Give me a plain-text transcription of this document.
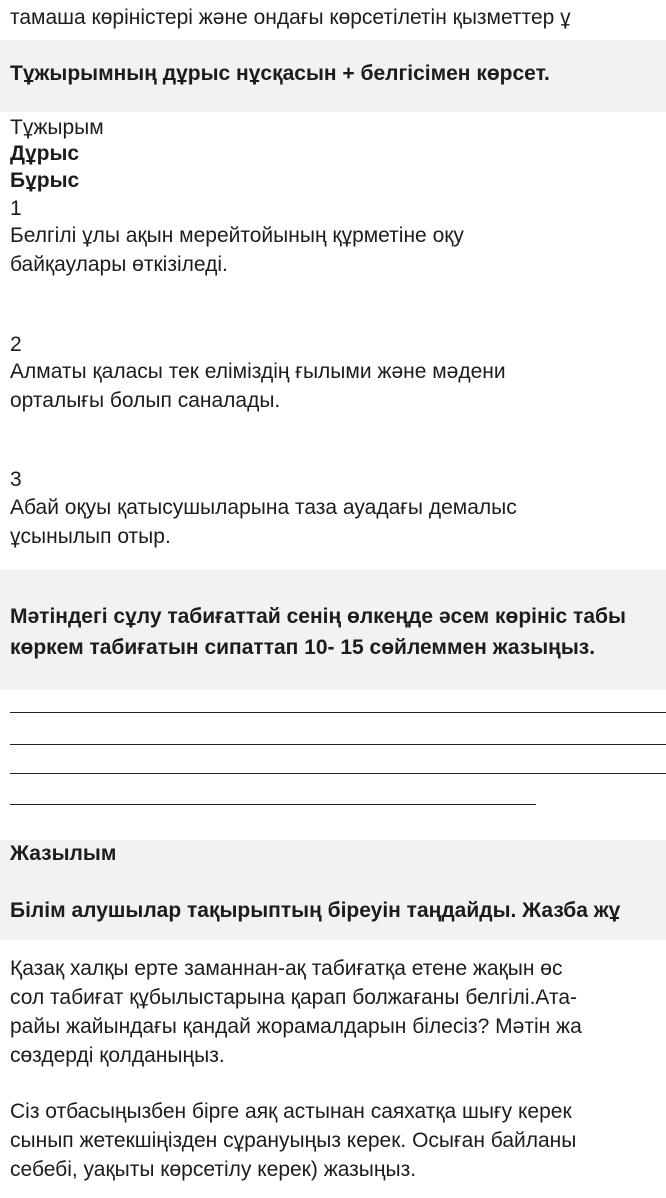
тамаша көріністері және ондағы көрсетілетін қызметтер ұ
Тұжырымның дұрыс нұсқасын + белгісімен көрсет.
Тұжырым
Дұрыс
Бұрыс
1
Белгілі ұлы ақын мерейтойының құрметіне оқу
байқаулары өткізіледі.
2
Алматы қаласы тек еліміздің ғылыми және мәдени
орталығы болып саналады.
3
Абай оқуы қатысушыларына таза ауадағы демалыс
ұсынылып отыр.
Мәтіндегі сұлу табиғаттай сенің өлкеңде әсем көрініс табы
көркем табиғатын сипаттап 10- 15 сөйлеммен жазыңыз.
Жазылым
Білім алушылар тақырыптың біреуін таңдайды. Жазба жұ
Қазақ халқы ерте заманнан-ақ табиғатқа етене жақын өс
сол табиғат құбылыстарына қарап болжағаны белгілі.Ата-
райы жайындағы қандай жорамалдарын білесіз? Мәтін жа
сөздерді қолданыңыз.
Сіз отбасыңызбен бірге аяқ астынан саяхатқа шығу керек
сынып жетекшіңізден сұрануыңыз керек. Осыған байланы
себебі, уақыты көрсетілу керек) жазыңыз.
